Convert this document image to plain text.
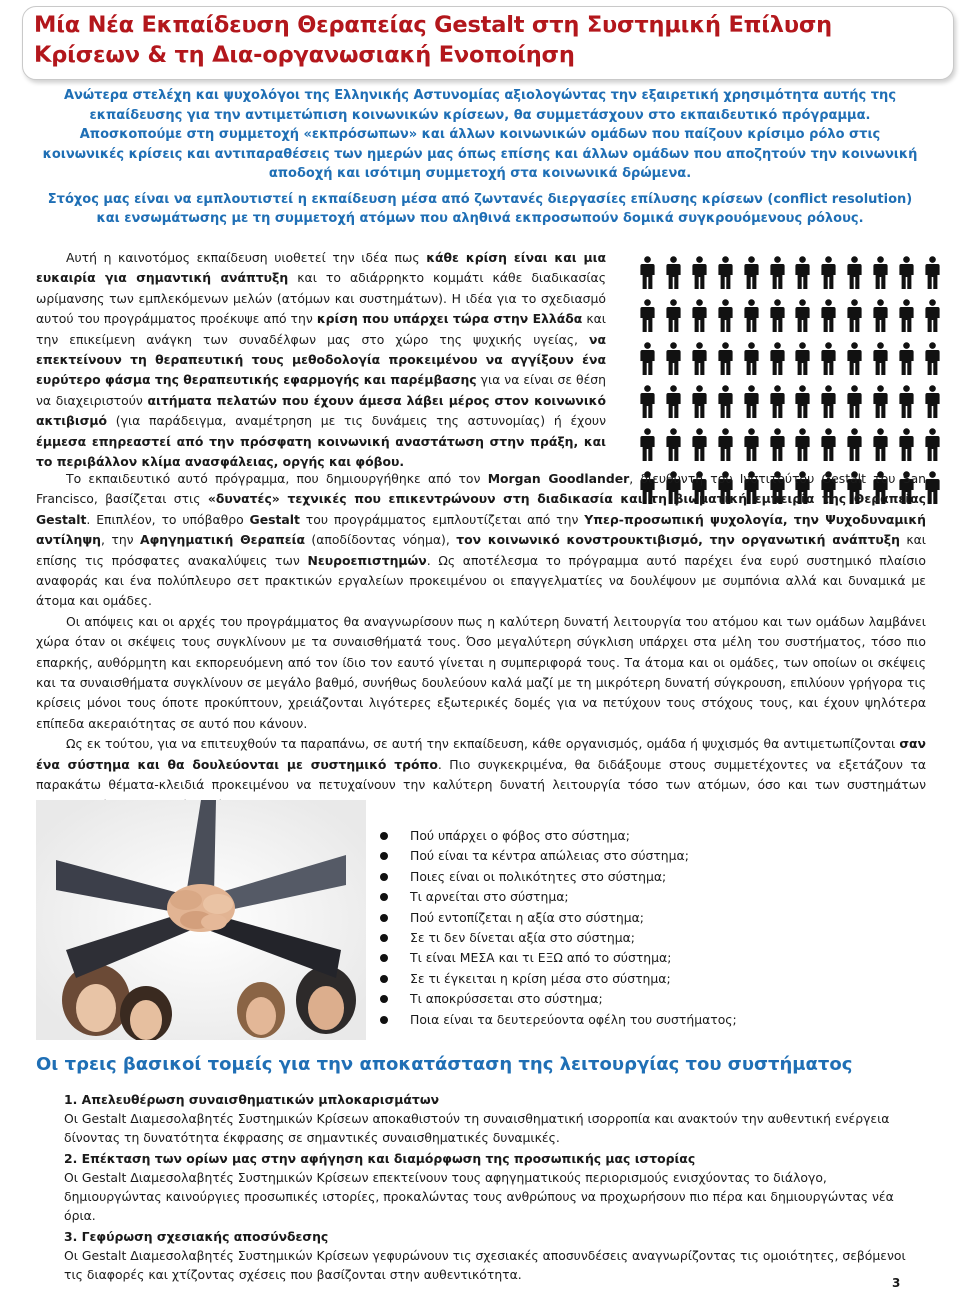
Μία Νέα Εκπαίδευση Θεραπείας Gestalt στη Συστημική Επίλυση Κρίσεων & τη Δια-οργανωσιακή Ενοποίηση

Ανώτερα στελέχη και ψυχολόγοι της Ελληνικής Αστυνομίας αξιολογώντας την εξαιρετική χρησιμότητα αυτής της εκπαίδευσης για την αντιμετώπιση κοινωνικών κρίσεων, θα συμμετάσχουν στο εκπαιδευτικό πρόγραμμα. Αποσκοπούμε στη συμμετοχή «εκπρόσωπων» και άλλων κοινωνικών ομάδων που παίζουν κρίσιμο ρόλο στις κοινωνικές κρίσεις και αντιπαραθέσεις των ημερών μας όπως επίσης και άλλων ομάδων που αποζητούν την κοινωνική αποδοχή και ισότιμη συμμετοχή στα κοινωνικά δρώμενα.

Στόχος μας είναι να εμπλουτιστεί η εκπαίδευση μέσα από ζωντανές διεργασίες επίλυσης κρίσεων (conflict resolution) και ενσωμάτωσης με τη συμμετοχή ατόμων που αληθινά εκπροσωπούν δομικά συγκρουόμενους ρόλους.

Αυτή η καινοτόμος εκπαίδευση υιοθετεί την ιδέα πως κάθε κρίση είναι και μια ευκαιρία για σημαντική ανάπτυξη και το αδιάρρηκτο κομμάτι κάθε διαδικασίας ωρίμανσης των εμπλεκόμενων μελών (ατόμων και συστημάτων). Η ιδέα για το σχεδιασμό αυτού του προγράμματος προέκυψε από την κρίση που υπάρχει τώρα στην Ελλάδα και την επικείμενη ανάγκη των συναδέλφων μας στο χώρο της ψυχικής υγείας, να επεκτείνουν τη θεραπευτική τους μεθοδολογία προκειμένου να αγγίξουν ένα ευρύτερο φάσμα της θεραπευτικής εφαρμογής και παρέμβασης για να είναι σε θέση να διαχειριστούν αιτήματα πελατών που έχουν άμεσα λάβει μέρος στον κοινωνικό ακτιβισμό (για παράδειγμα, αναμέτρηση με τις δυνάμεις της αστυνομίας) ή έχουν έμμεσα επηρεαστεί από την πρόσφατη κοινωνική αναστάτωση στην πράξη, και το περιβάλλον κλίμα ανασφάλειας, οργής και φόβου.

Το εκπαιδευτικό αυτό πρόγραμμα, που δημιουργήθηκε από τον Morgan Goodlander, διευθυντή του Ινστιτούτου Gestalt του San Francisco, βασίζεται στις «δυνατές» τεχνικές που επικεντρώνουν στη διαδικασία και τη βιωματική εμπειρία της Θεραπείας Gestalt. Επιπλέον, το υπόβαθρο Gestalt του προγράμματος εμπλουτίζεται από την Υπερ-προσωπική ψυχολογία, την Ψυχοδυναμική αντίληψη, την Αφηγηματική Θεραπεία (αποδίδοντας νόημα), τον κοινωνικό κονστρουκτιβισμό, την οργανωτική ανάπτυξη και επίσης τις πρόσφατες ανακαλύψεις των Νευροεπιστημών. Ως αποτέλεσμα το πρόγραμμα αυτό παρέχει ένα ευρύ συστημικό πλαίσιο αναφοράς και ένα πολύπλευρο σετ πρακτικών εργαλείων προκειμένου οι επαγγελματίες να δουλέψουν με συμπόνια αλλά και δυναμικά με άτομα και ομάδες.

Οι απόψεις και οι αρχές του προγράμματος θα αναγνωρίσουν πως η καλύτερη δυνατή λειτουργία του ατόμου και των ομάδων λαμβάνει χώρα όταν οι σκέψεις τους συγκλίνουν με τα συναισθήματά τους. Όσο μεγαλύτερη σύγκλιση υπάρχει στα μέλη του συστήματος, τόσο πιο επαρκής, αυθόρμητη και εκπορευόμενη από τον ίδιο τον εαυτό γίνεται η συμπεριφορά τους. Τα άτομα και οι ομάδες, των οποίων οι σκέψεις και τα συναισθήματα συγκλίνουν σε μεγάλο βαθμό, συνήθως δουλεύουν καλά μαζί με τη μικρότερη δυνατή σύγκρουση, επιλύουν γρήγορα τις κρίσεις μόνοι τους όποτε προκύπτουν, χρειάζονται λιγότερες εξωτερικές δομές για να πετύχουν τους στόχους τους, και έχουν ψηλότερα επίπεδα ακεραιότητας σε αυτό που κάνουν.

Ως εκ τούτου, για να επιτευχθούν τα παραπάνω, σε αυτή την εκπαίδευση, κάθε οργανισμός, ομάδα ή ψυχισμός θα αντιμετωπίζονται σαν ένα σύστημα και θα δουλεύονται με συστημικό τρόπο. Πιο συγκεκριμένα, θα διδάξουμε στους συμμετέχοντες να εξετάζουν τα παρακάτω θέματα-κλειδιά προκειμένου να πετυχαίνουν την καλύτερη δυνατή λειτουργία τόσο των ατόμων, όσο και των συστημάτων

Πού υπάρχει ο φόβος στο σύστημα;
Πού είναι τα κέντρα απώλειας στο σύστημα;
Ποιες είναι οι πολικότητες στο σύστημα;
Τι αρνείται στο σύστημα;
Πού εντοπίζεται η αξία στο σύστημα;
Σε τι δεν δίνεται αξία στο σύστημα;
Τι είναι ΜΕΣΑ και τι ΕΞΩ από το σύστημα;
Σε τι έγκειται η κρίση μέσα στο σύστημα;
Τι αποκρύσσεται στο σύστημα;
Ποια είναι τα δευτερεύοντα οφέλη του συστήματος;
Οι τρεις βασικοί τομείς για την αποκατάσταση της λειτουργίας του συστήματος

1. Απελευθέρωση συναισθηματικών μπλοκαρισμάτων

Οι Gestalt Διαμεσολαβητές Συστημικών Κρίσεων αποκαθιστούν τη συναισθηματική ισορροπία και ανακτούν την αυθεντική ενέργεια δίνοντας τη δυνατότητα έκφρασης σε σημαντικές συναισθηματικές δυναμικές.

2. Επέκταση των ορίων μας στην αφήγηση και διαμόρφωση της προσωπικής μας ιστορίας

Οι Gestalt Διαμεσολαβητές Συστημικών Κρίσεων επεκτείνουν τους αφηγηματικούς περιορισμούς ενισχύοντας το διάλογο, δημιουργώντας καινούργιες προσωπικές ιστορίες, προκαλώντας τους ανθρώπους να προχωρήσουν πιο πέρα και δημιουργώντας νέα όρια.

3. Γεφύρωση σχεσιακής αποσύνδεσης

Οι Gestalt Διαμεσολαβητές Συστημικών Κρίσεων γεφυρώνουν τις σχεσιακές αποσυνδέσεις αναγνωρίζοντας τις ομοιότητες, σεβόμενοι τις διαφορές και χτίζοντας σχέσεις που βασίζονται στην αυθεντικότητα.

3
